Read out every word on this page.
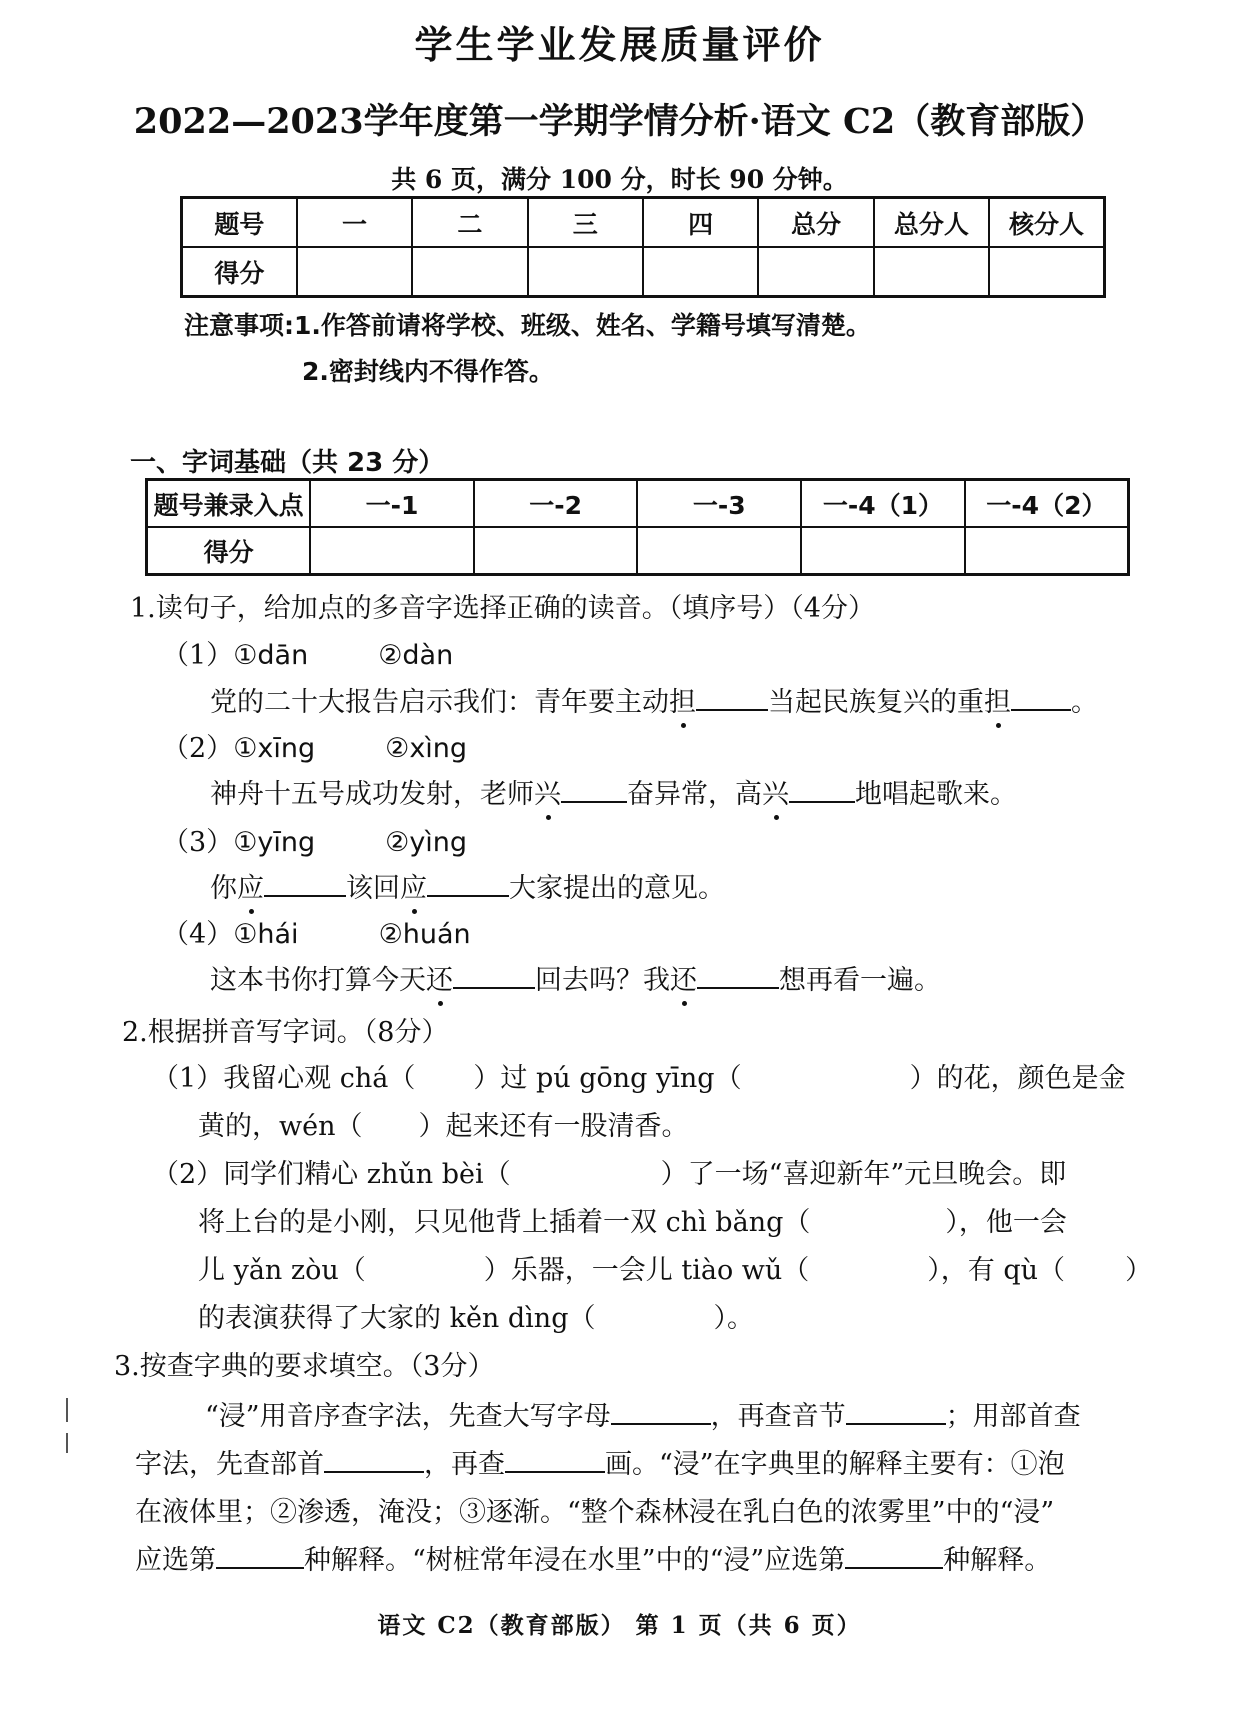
学生学业发展质量评价
2022—2023学年度第一学期学情分析·语文 C2（教育部版）
共 6 页，满分 100 分，时长 90 分钟。
题号	一	二	三	四	总分	总分人	核分人
得分							
注意事项:1.作答前请将学校、班级、姓名、学籍号填写清楚。
2.密封线内不得作答。
一、字词基础（共 23 分）
题号兼录入点	一-1	一-2	一-3	一-4（1）	一-4（2）
得分					
1.读句子，给加点的多音字选择正确的读音。（填序号）（4分）
（1）①dān	②dàn
党的二十大报告启示我们：青年要主动担	当起民族复兴的重担 。
（2）①xīng	②xìng
神舟十五号成功发射，老师兴 奋异常，高兴 地唱起歌来。
（3）①yīng	②yìng
你应	该回应	大家提出的意见。
（4）①hái	②huán
这本书你打算今天还	回去吗？我还	想再看一遍。
2.根据拼音写字词。（8分）
（1）我留心观 chá（ ）过 pú gōng yīng（	）的花，颜色是金
黄的，wén（ ）起来还有一股清香。
（2）同学们精心 zhǔn bèi（	）了一场“喜迎新年”元旦晚会。即
将上台的是小刚，只见他背上插着一双 chì bǎng（	），他一会
儿 yǎn zòu（	）乐器，一会儿 tiào wǔ（	），有 qù（ ）
的表演获得了大家的 kěn dìng（	）。
3.按查字典的要求填空。（3分）
“浸”用音序查字法，先查大写字母	，再查音节	；用部首查
字法，先查部首	，再查	画。“浸”在字典里的解释主要有：①泡
在液体里；②渗透，淹没；③逐渐。“整个森林浸在乳白色的浓雾里”中的“浸”
应选第	种解释。“树桩常年浸在水里”中的“浸”应选第	种解释。
语文 C2（教育部版） 第 1 页（共 6 页）
